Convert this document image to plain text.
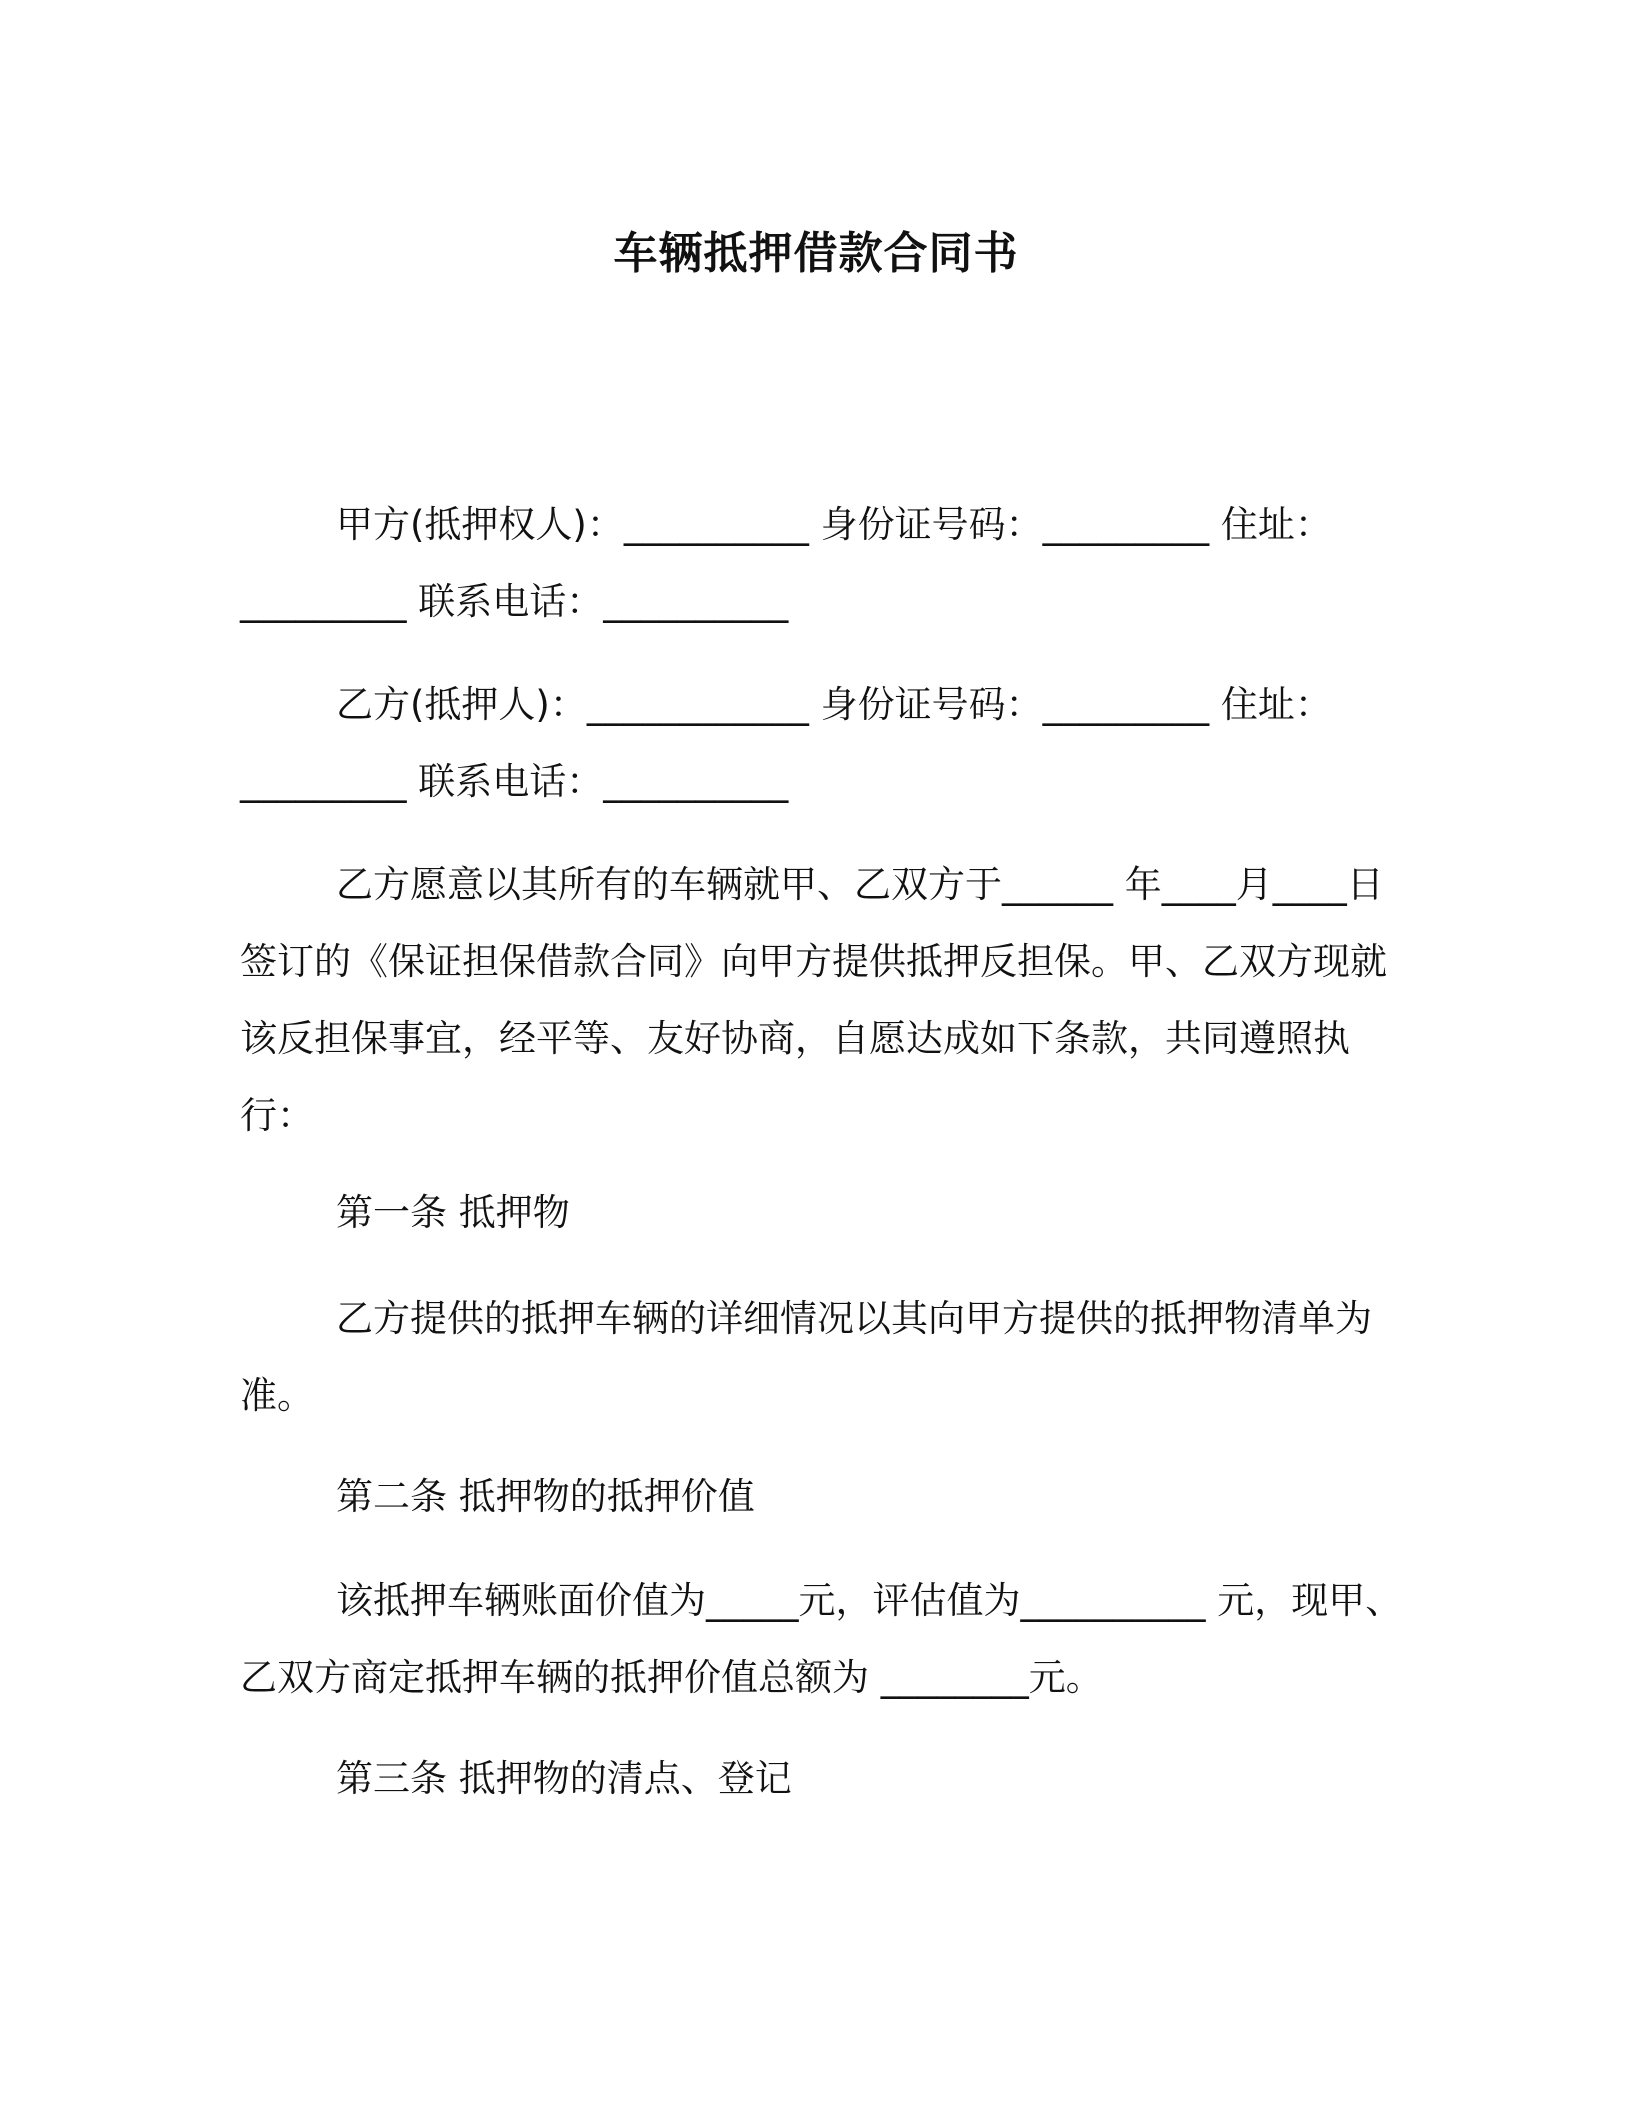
车辆抵押借款合同书

甲方(抵押权人)：__________ 身份证号码：_________ 住址：_________ 联系电话：__________

乙方(抵押人)：____________ 身份证号码：_________ 住址：_________ 联系电话：__________

乙方愿意以其所有的车辆就甲、乙双方于______ 年____月____日签订的《保证担保借款合同》向甲方提供抵押反担保。甲、乙双方现就该反担保事宜，经平等、友好协商，自愿达成如下条款，共同遵照执行：

第一条 抵押物

乙方提供的抵押车辆的详细情况以其向甲方提供的抵押物清单为准。

第二条 抵押物的抵押价值

该抵押车辆账面价值为_____元，评估值为__________ 元，现甲、乙双方商定抵押车辆的抵押价值总额为 ________元。

第三条 抵押物的清点、登记
